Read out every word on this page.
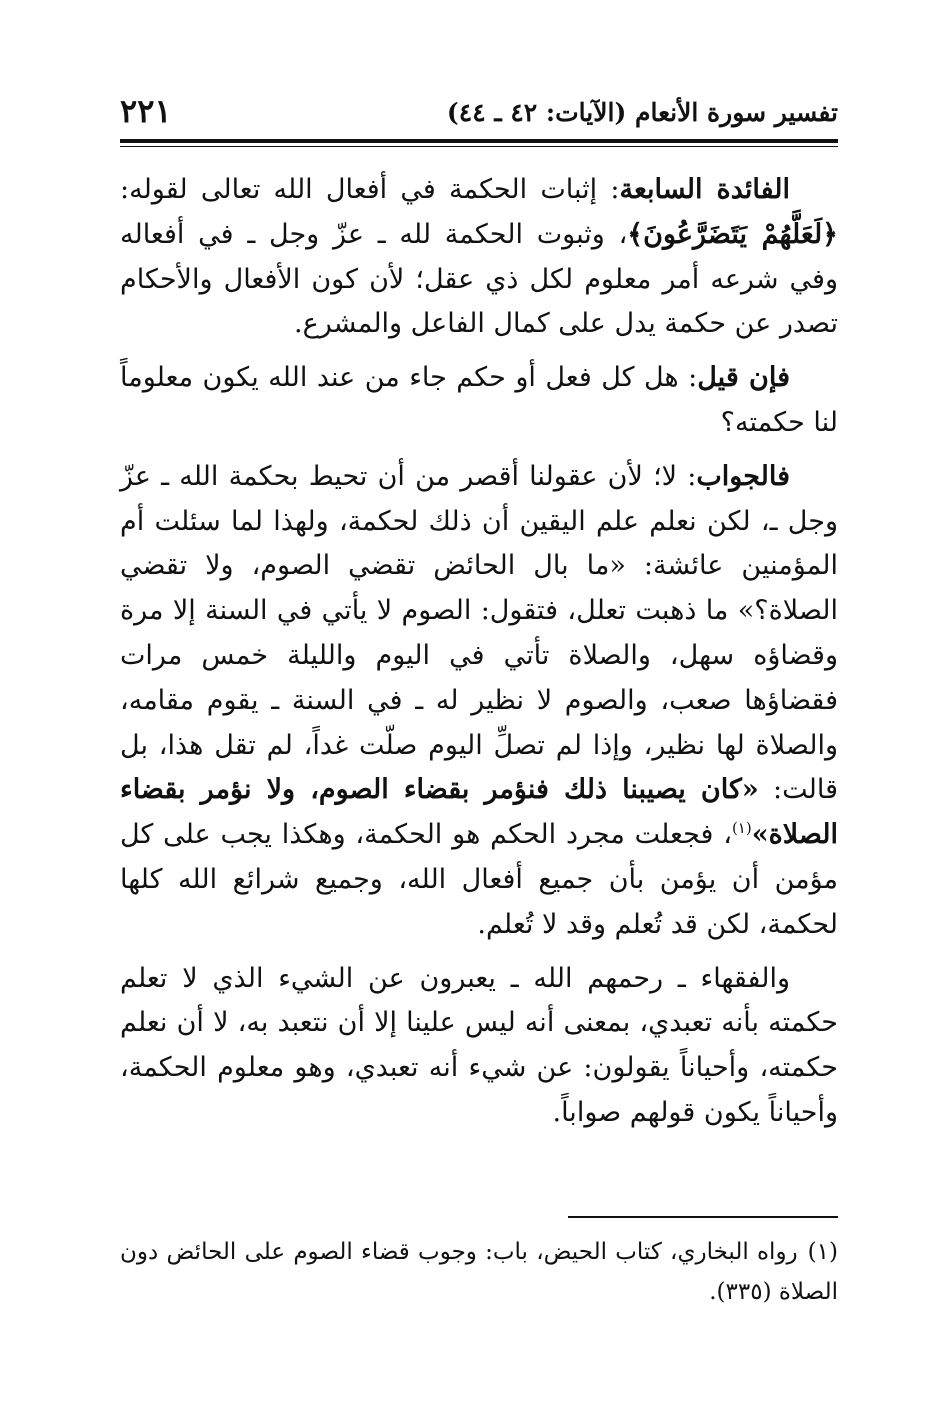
تفسير سورة الأنعام (الآيات: ٤٢ ـ ٤٤)
٢٢١

الفائدة السابعة: إثبات الحكمة في أفعال الله تعالى لقوله: ﴿لَعَلَّهُمْ يَتَضَرَّعُونَ﴾، وثبوت الحكمة لله ـ عزّ وجل ـ في أفعاله وفي شرعه أمر معلوم لكل ذي عقل؛ لأن كون الأفعال والأحكام تصدر عن حكمة يدل على كمال الفاعل والمشرع.

فإن قيل: هل كل فعل أو حكم جاء من عند الله يكون معلوماً لنا حكمته؟

فالجواب: لا؛ لأن عقولنا أقصر من أن تحيط بحكمة الله ـ عزّ وجل ـ، لكن نعلم علم اليقين أن ذلك لحكمة، ولهذا لما سئلت أم المؤمنين عائشة: «ما بال الحائض تقضي الصوم، ولا تقضي الصلاة؟» ما ذهبت تعلل، فتقول: الصوم لا يأتي في السنة إلا مرة وقضاؤه سهل، والصلاة تأتي في اليوم والليلة خمس مرات فقضاؤها صعب، والصوم لا نظير له ـ في السنة ـ يقوم مقامه، والصلاة لها نظير، وإذا لم تصلِّ اليوم صلّت غداً، لم تقل هذا، بل قالت: «كان يصيبنا ذلك فنؤمر بقضاء الصوم، ولا نؤمر بقضاء الصلاة»$^{(١)}$، فجعلت مجرد الحكم هو الحكمة، وهكذا يجب على كل مؤمن أن يؤمن بأن جميع أفعال الله، وجميع شرائع الله كلها لحكمة، لكن قد تُعلم وقد لا تُعلم.

والفقهاء ـ رحمهم الله ـ يعبرون عن الشيء الذي لا تعلم حكمته بأنه تعبدي، بمعنى أنه ليس علينا إلا أن نتعبد به، لا أن نعلم حكمته، وأحياناً يقولون: عن شيء أنه تعبدي، وهو معلوم الحكمة، وأحياناً يكون قولهم صواباً.

(١)رواه البخاري، كتاب الحيض، باب: وجوب قضاء الصوم على الحائض دون الصلاة (٣٣٥).
